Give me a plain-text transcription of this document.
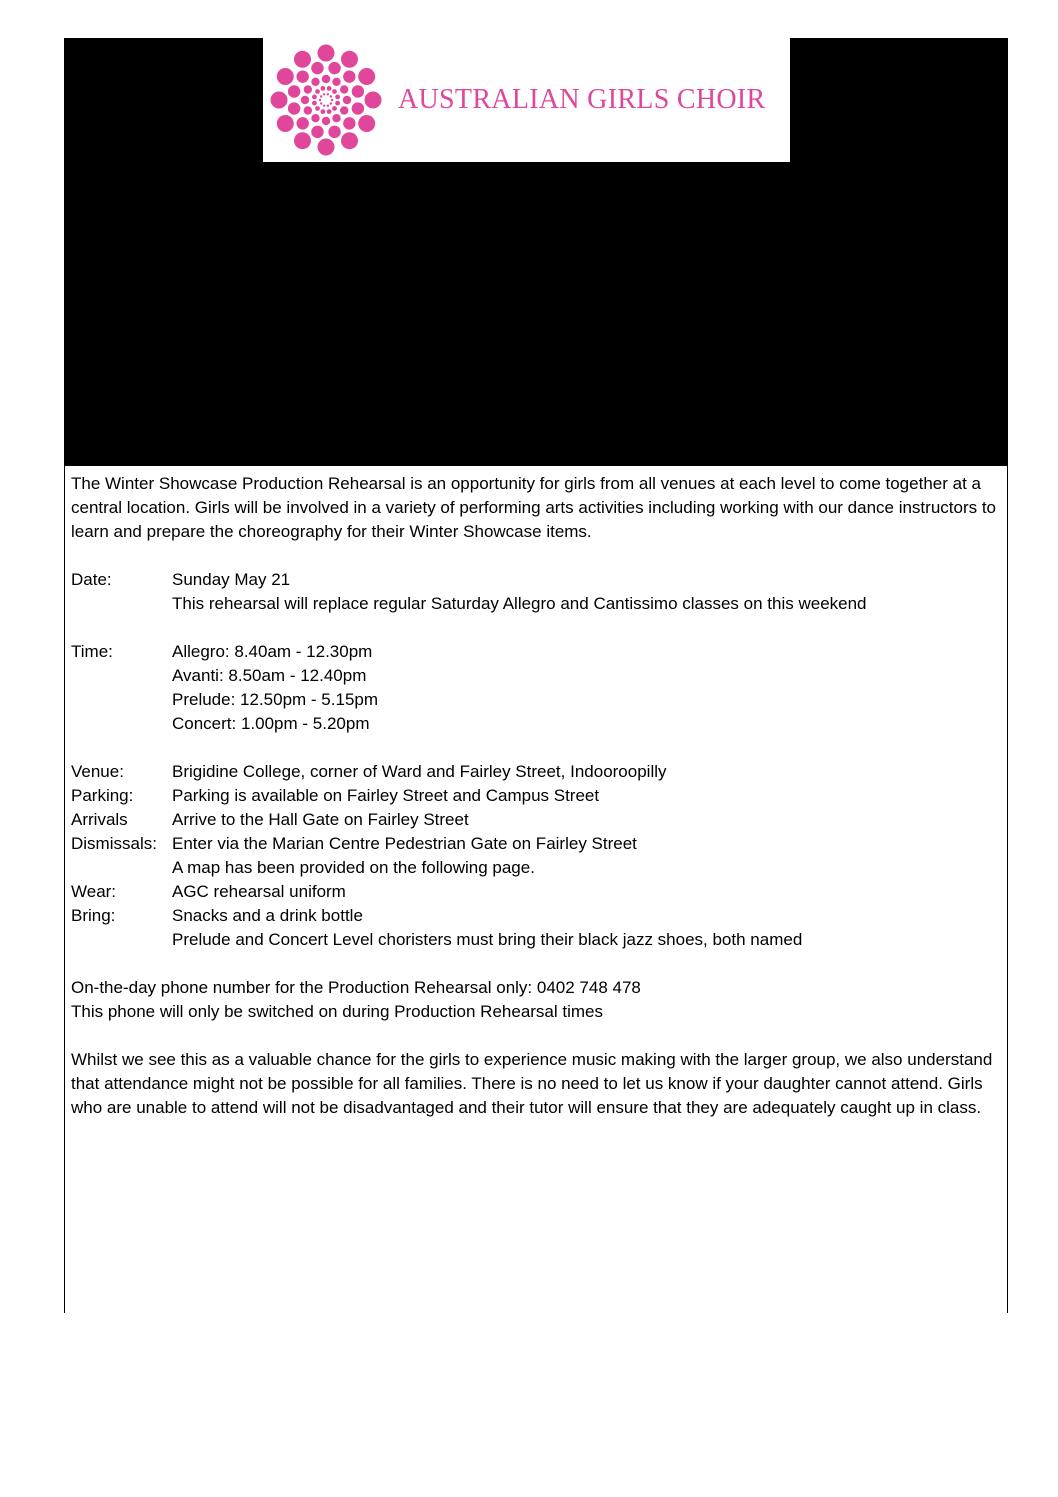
AUSTRALIAN GIRLS CHOIR

The Winter Showcase Production Rehearsal is an opportunity for girls from all venues at each level to come together at a central location. Girls will be involved in a variety of performing arts activities including working with our dance instructors to learn and prepare the choreography for their Winter Showcase items.

Date:	Sunday May 21
This rehearsal will replace regular Saturday Allegro and Cantissimo classes on this weekend
Time:	Allegro: 8.40am - 12.30pm
Avanti: 8.50am - 12.40pm
Prelude: 12.50pm - 5.15pm
Concert: 1.00pm - 5.20pm
Venue:	Brigidine College, corner of Ward and Fairley Street, Indooroopilly
Parking:	Parking is available on Fairley Street and Campus Street
Arrivals	Arrive to the Hall Gate on Fairley Street
Dismissals: Enter via the Marian Centre Pedestrian Gate on Fairley Street
A map has been provided on the following page.
Wear:	AGC rehearsal uniform
Bring:	Snacks and a drink bottle
Prelude and Concert Level choristers must bring their black jazz shoes, both named
On-the-day phone number for the Production Rehearsal only: 0402 748 478
This phone will only be switched on during Production Rehearsal times

Whilst we see this as a valuable chance for the girls to experience music making with the larger group, we also understand that attendance might not be possible for all families. There is no need to let us know if your daughter cannot attend. Girls who are unable to attend will not be disadvantaged and their tutor will ensure that they are adequately caught up in class.
